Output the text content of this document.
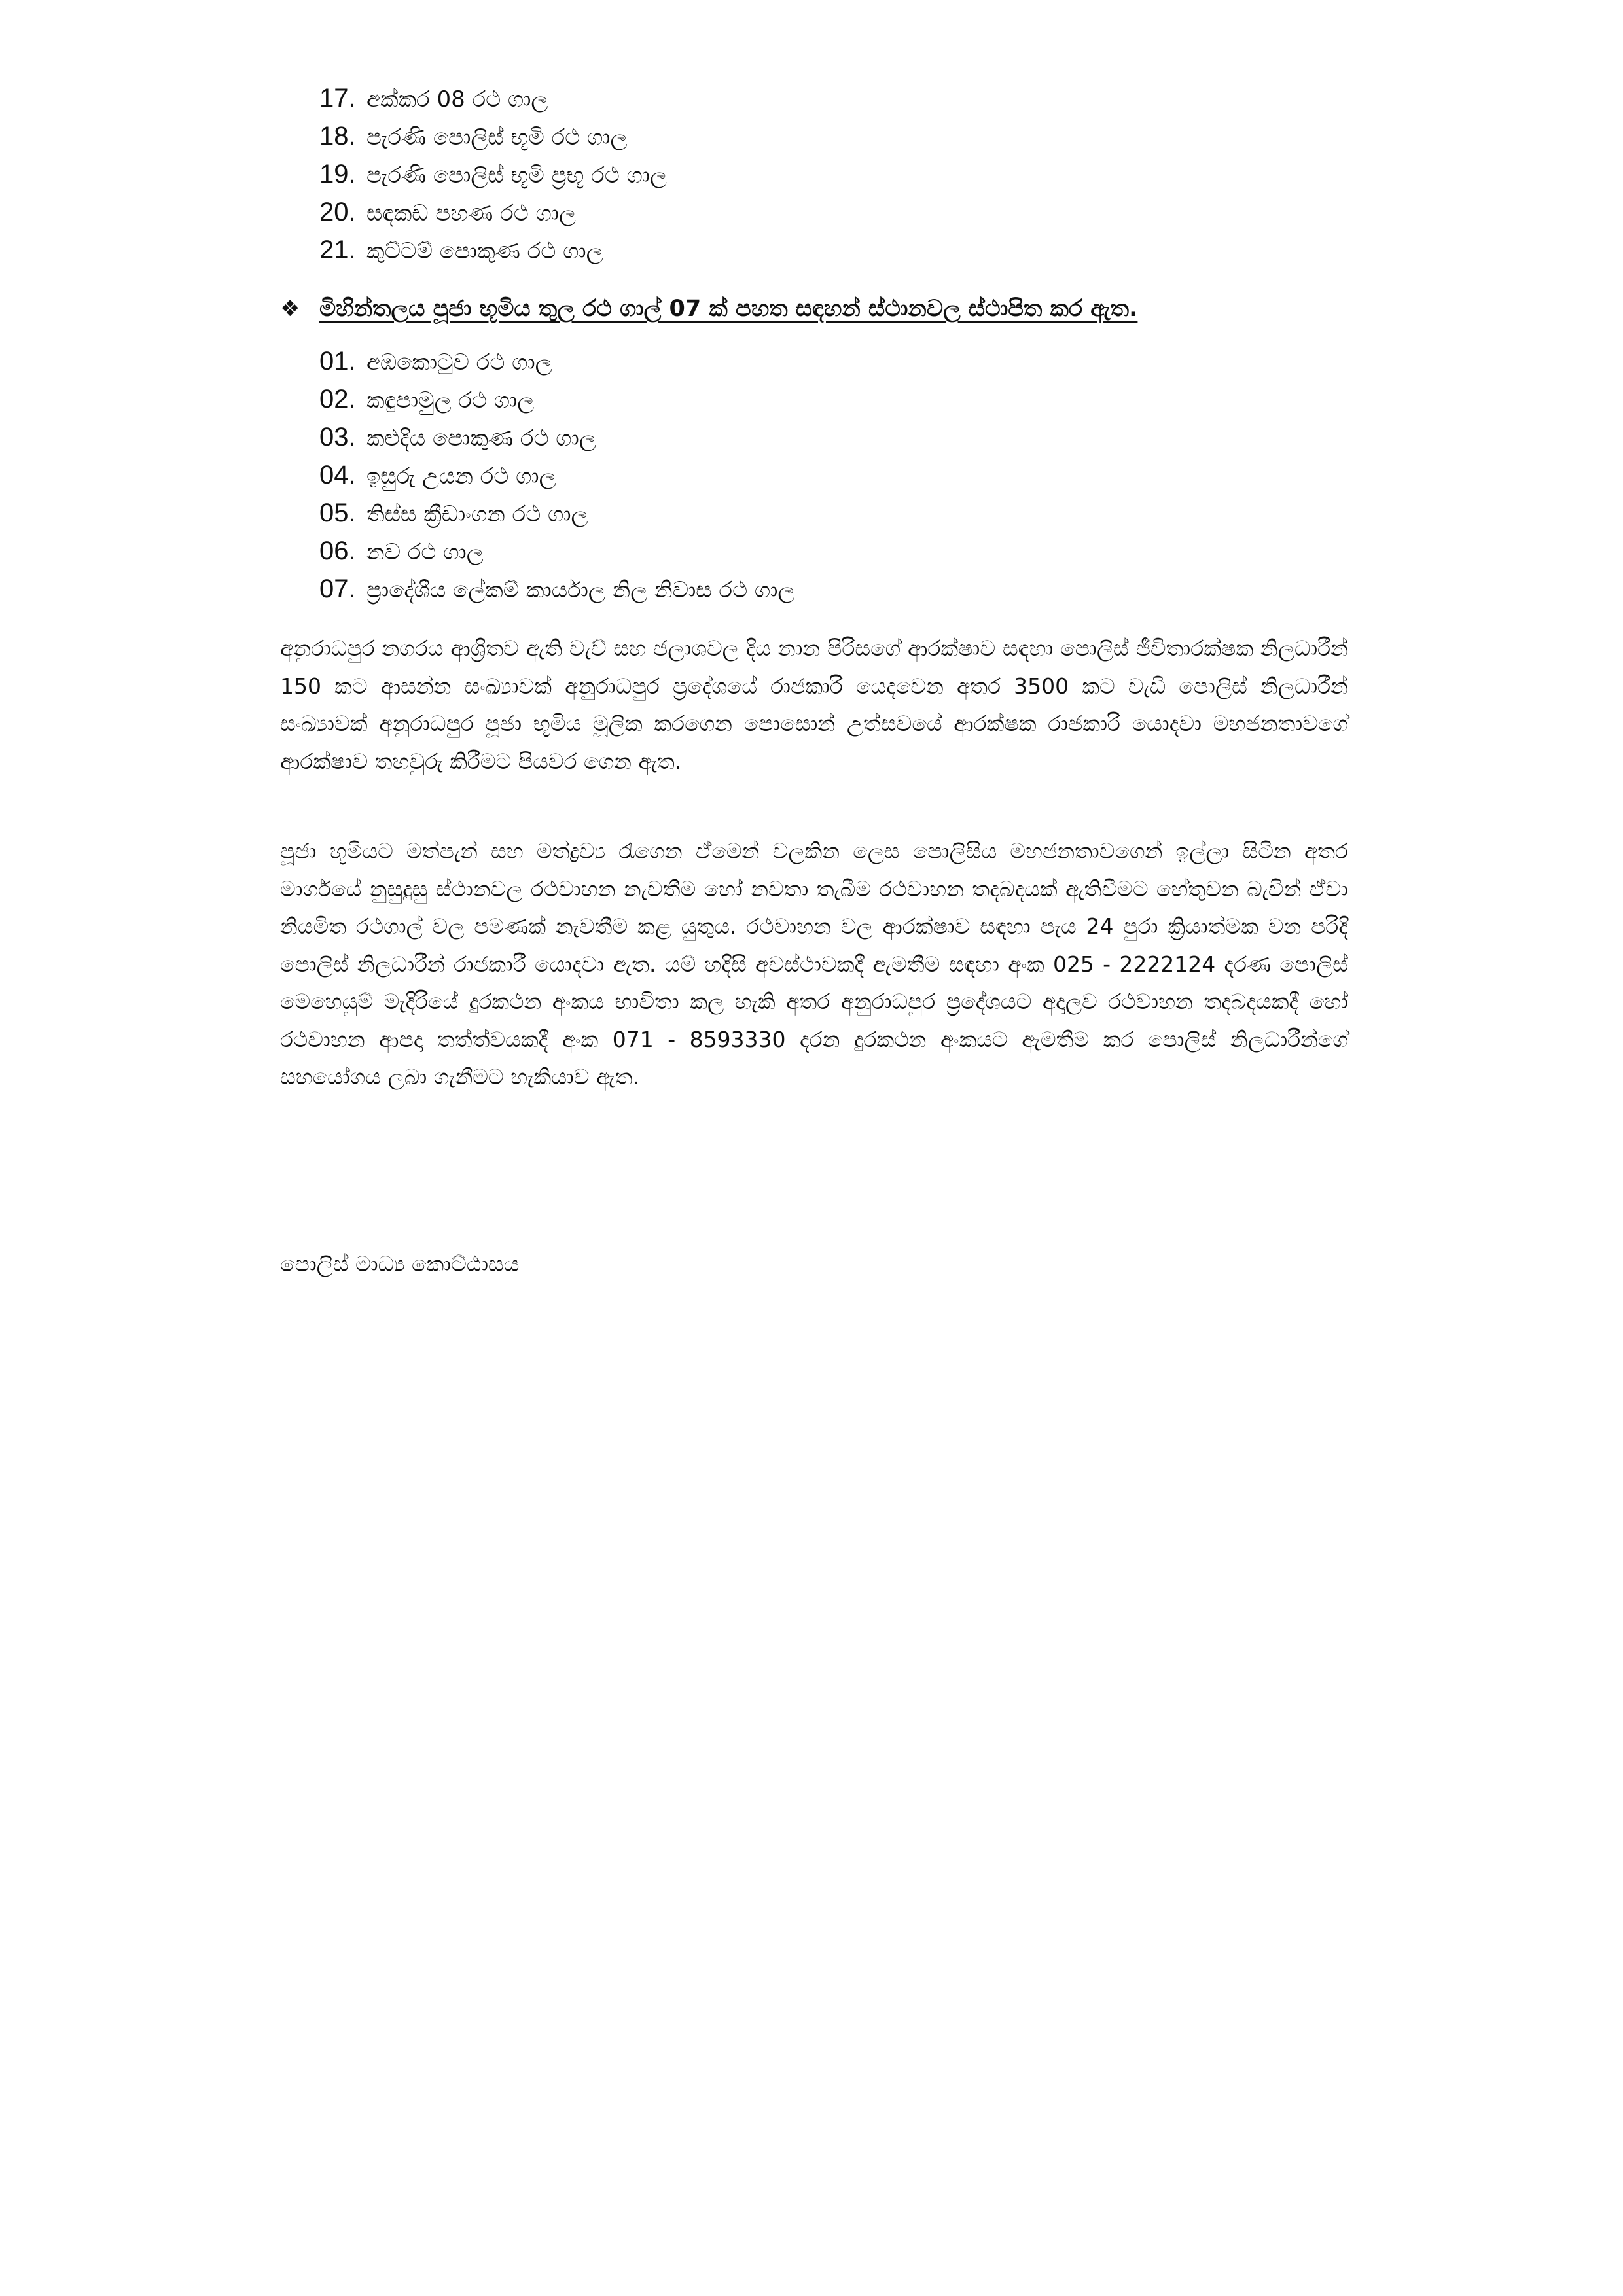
17. අක්කර 08 රථ ගාල
18. පැරණි පොලිස් භූමි රථ ගාල
19. පැරණි පොලිස් භූමි ප්‍රභූ රථ ගාල
20. සඳකඩ පහණ රථ ගාල
21. කුට්ටම් පොකුණ රථ ගාල
❖ මිහින්තලය පූජා භූමිය තුල රථ ගාල් 07 ක් පහත සඳහන් ස්ථානවල ස්ථාපිත කර ඇත.
01. අඹකොටුව රථ ගාල
02. කඳුපාමුල රථ ගාල
03. කළුදිය පොකුණ රථ ගාල
04. ඉසුරු උයන රථ ගාල
05. තිස්ස ක්‍රීඩාංගන රථ ගාල
06. නව රථ ගාල
07. ප්‍රාදේශීය ලේකම් කාර්යාල නිල නිවාස රථ ගාල

අනුරාධපුර නගරය ආශ්‍රිතව ඇති වැව් සහ ජලාශවල දිය නාන පිරිසගේ ආරක්ෂාව සඳහා පොලිස් ජීවිතාරක්ෂක නිලධාරීන් 150 කට ආසන්න සංඛ්‍යාවක් අනුරාධපුර ප්‍රදේශයේ රාජකාරි යෙදවෙන අතර 3500 කට වැඩි පොලිස් නිලධාරීන් සංඛ්‍යාවක් අනුරාධපුර පූජා භූමිය මූලික කරගෙන පොසොන් උත්සවයේ ආරක්ෂක රාජකාරි යොදවා මහජනතාවගේ ආරක්ෂාව තහවුරු කිරීමට පියවර ගෙන ඇත.

පූජා භූමියට මත්පැන් සහ මත්ද්‍රව්‍ය රැගෙන ඒමෙන් වලකින ලෙස පොලිසිය මහජනතාවගෙන් ඉල්ලා සිටින අතර මාර්ගයේ නුසුදුසු ස්ථානවල රථවාහන නැවතීම හෝ නවතා තැබීම රථවාහන තදබදයක් ඇතිවීමට හේතුවන බැවින් ඒවා නියමිත රථගාල් වල පමණක් නැවතීම කළ යුතුය. රථවාහන වල ආරක්ෂාව සඳහා පැය 24 පුරා ක්‍රියාත්මක වන පරිදි පොලිස් නිලධාරීන් රාජකාරී යොදවා ඇත. යම් හදිසි අවස්ථාවකදී ඇමතීම සඳහා අංක 025 - 2222124 දරණ පොලිස් මෙහෙයුම් මැදිරියේ දුරකථන අංකය භාවිතා කල හැකි අතර අනුරාධපුර ප්‍රදේශයට අදාලව රථවාහන තදබදයකදී හෝ රථවාහන ආපදා තත්ත්වයකදී අංක 071 - 8593330 දරන දුරකථන අංකයට ඇමතීම කර පොලිස් නිලධාරීන්ගේ සහයෝගය ලබා ගැනීමට හැකියාව ඇත.

පොලිස් මාධ්‍ය කොට්ඨාසය
